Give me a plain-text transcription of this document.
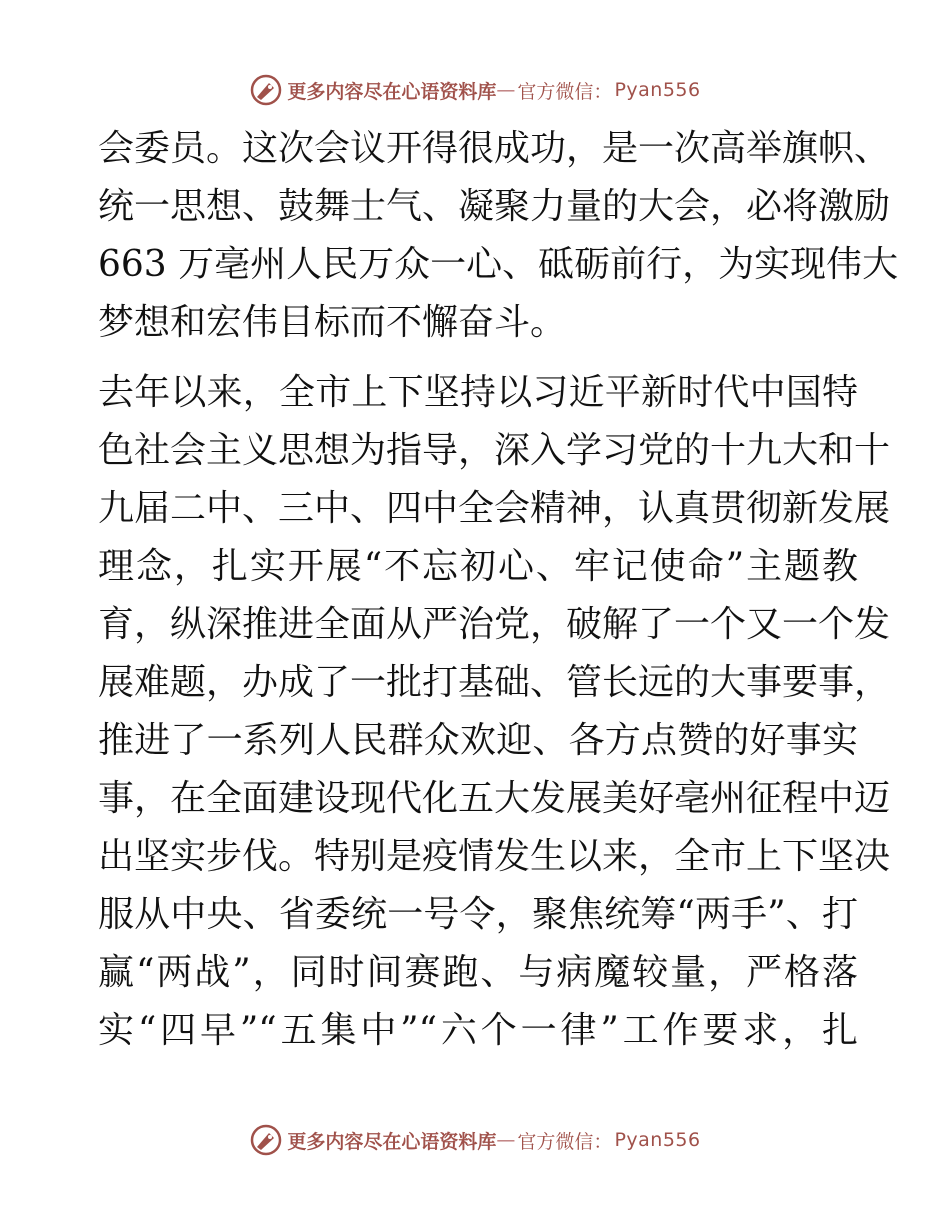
更多内容尽在心语资料库 — 官方微信： Pyan556
会委员。这次会议开得很成功，是一次高举旗帜、
统一思想、鼓舞士气、凝聚力量的大会，必将激励
663 万亳州人民万众一心、砥砺前行，为实现伟大
梦想和宏伟目标而不懈奋斗。
去年以来，全市上下坚持以习近平新时代中国特
色社会主义思想为指导，深入学习党的十九大和十
九届二中、三中、四中全会精神，认真贯彻新发展
理念，扎实开展“不忘初心、牢记使命”主题教
育，纵深推进全面从严治党，破解了一个又一个发
展难题，办成了一批打基础、管长远的大事要事，
推进了一系列人民群众欢迎、各方点赞的好事实
事，在全面建设现代化五大发展美好亳州征程中迈
出坚实步伐。特别是疫情发生以来，全市上下坚决
服从中央、省委统一号令，聚焦统筹“两手”、打
赢“两战”，同时间赛跑、与病魔较量，严格落
实“四早”“五集中”“六个一律”工作要求，扎
更多内容尽在心语资料库 — 官方微信： Pyan556
